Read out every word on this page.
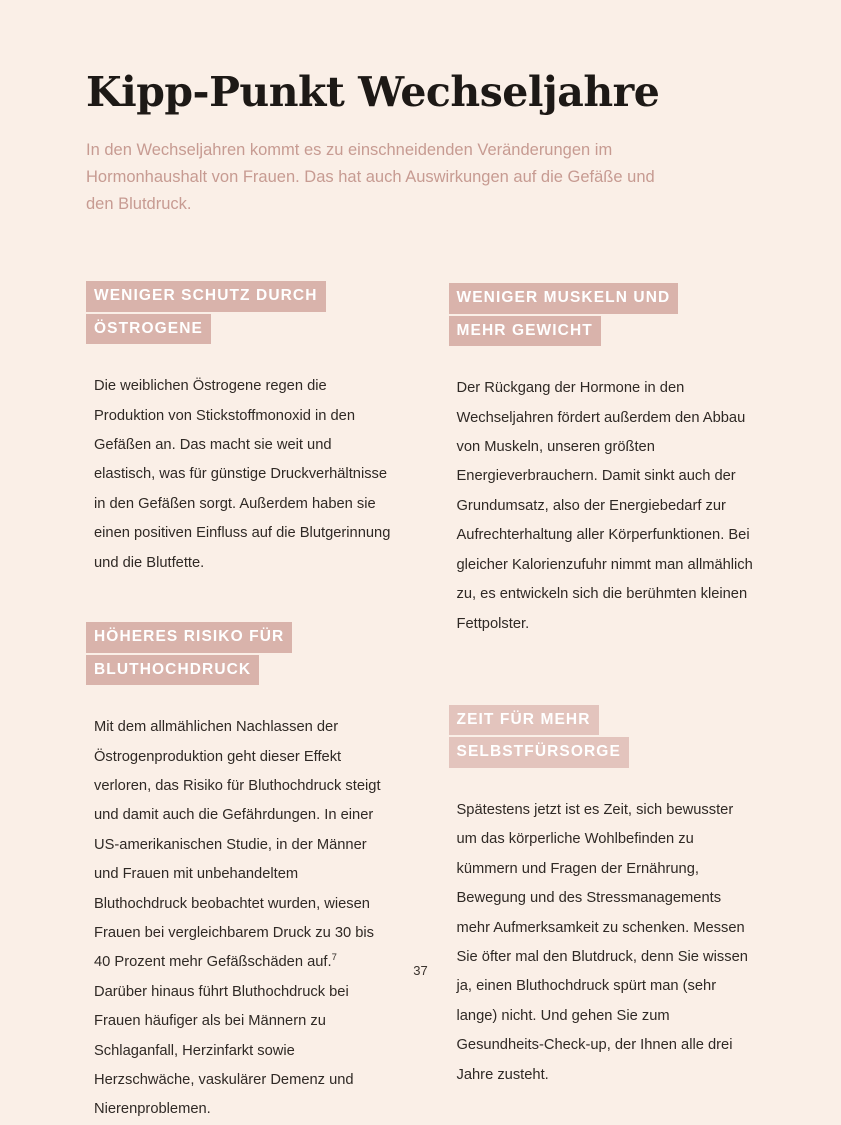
Kipp-Punkt Wechseljahre

In den Wechseljahren kommt es zu einschneidenden Veränderungen im Hormonhaushalt von Frauen. Das hat auch Auswirkungen auf die Gefäße und den Blutdruck.

WENIGER SCHUTZ DURCH
ÖSTROGENE

Die weiblichen Östrogene regen die Produktion von Stickstoffmonoxid in den Gefäßen an. Das macht sie weit und elastisch, was für günstige Druckverhältnisse in den Gefäßen sorgt. Außerdem haben sie einen positiven Einfluss auf die Blutgerinnung und die Blutfette.

HÖHERES RISIKO FÜR
BLUTHOCHDRUCK

Mit dem allmählichen Nachlassen der Östrogenproduktion geht dieser Effekt verloren, das Risiko für Bluthochdruck steigt und damit auch die Gefährdungen. In einer US-amerikanischen Studie, in der Männer und Frauen mit unbehandeltem Bluthochdruck beobachtet wurden, wiesen Frauen bei vergleichbarem Druck zu 30 bis 40 Prozent mehr Gefäßschäden auf.$^7$ Darüber hinaus führt Bluthochdruck bei Frauen häufiger als bei Männern zu Schlaganfall, Herzinfarkt sowie Herzschwäche, vaskulärer Demenz und Nierenproblemen.

WENIGER MUSKELN UND
MEHR GEWICHT

Der Rückgang der Hormone in den Wechseljahren fördert außerdem den Abbau von Muskeln, unseren größten Energieverbrauchern. Damit sinkt auch der Grundumsatz, also der Energiebedarf zur Aufrechterhaltung aller Körperfunktionen. Bei gleicher Kalorienzufuhr nimmt man allmählich zu, es entwickeln sich die berühmten kleinen Fettpolster.

ZEIT FÜR MEHR
SELBSTFÜRSORGE

Spätestens jetzt ist es Zeit, sich bewusster um das körperliche Wohlbefinden zu kümmern und Fragen der Ernährung, Bewegung und des Stressmanagements mehr Aufmerksamkeit zu schenken. Messen Sie öfter mal den Blutdruck, denn Sie wissen ja, einen Bluthochdruck spürt man (sehr lange) nicht. Und gehen Sie zum Gesundheits-Check-up, der Ihnen alle drei Jahre zusteht.

37
